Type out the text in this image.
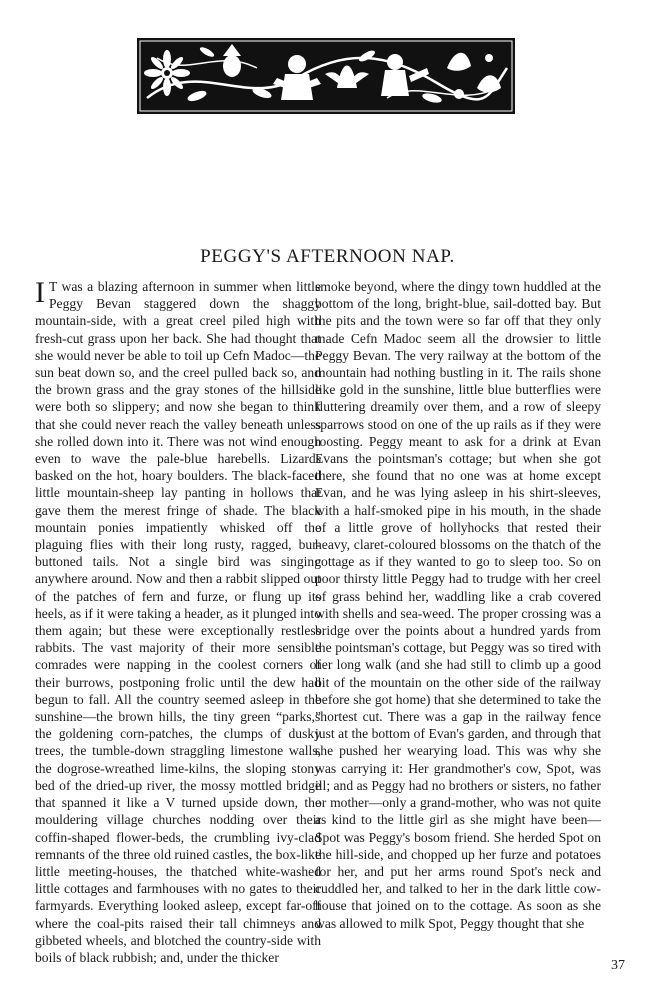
PEGGY'S AFTERNOON NAP.
I T was a blazing afternoon in summer when little Peggy Bevan staggered down the shaggy mountain-side, with a great creel piled high with fresh-cut grass upon her back. She had thought that she would never be able to toil up Cefn Madoc—the sun beat down so, and the creel pulled back so, and the brown grass and the gray stones of the hillside were both so slippery; and now she began to think that she could never reach the valley beneath unless she rolled down into it. There was not wind enough even to wave the pale-blue harebells. Lizards basked on the hot, hoary boulders. The black-faced little mountain-sheep lay panting in hollows that gave them the merest fringe of shade. The black mountain ponies impatiently whisked off the plaguing flies with their long rusty, ragged, bur-buttoned tails. Not a single bird was singing anywhere around. Now and then a rabbit slipped out of the patches of fern and furze, or flung up its heels, as if it were taking a header, as it plunged into them again; but these were exceptionally restless rabbits. The vast majority of their more sensible comrades were napping in the coolest corners of their burrows, postponing frolic until the dew had begun to fall. All the country seemed asleep in the sunshine—the brown hills, the tiny green “parks,” the goldening corn-patches, the clumps of dusky trees, the tumble-down straggling limestone walls, the dogrose-wreathed lime-kilns, the sloping stony bed of the dried-up river, the mossy mottled bridge that spanned it like a V turned upside down, the mouldering village churches nodding over their coffin-shaped flower-beds, the crumbling ivy-clad remnants of the three old ruined castles, the box-like little meeting-houses, the thatched white-washed little cottages and farmhouses with no gates to their farmyards. Everything looked asleep, except far-off where the coal-pits raised their tall chimneys and gibbeted wheels, and blotched the country-side with boils of black rubbish; and, under the thicker

smoke beyond, where the dingy town huddled at the bottom of the long, bright-blue, sail-dotted bay. But the pits and the town were so far off that they only made Cefn Madoc seem all the drowsier to little Peggy Bevan. The very railway at the bottom of the mountain had nothing bustling in it. The rails shone like gold in the sunshine, little blue butterflies were fluttering dreamily over them, and a row of sleepy sparrows stood on one of the up rails as if they were roosting. Peggy meant to ask for a drink at Evan Evans the pointsman's cottage; but when she got there, she found that no one was at home except Evan, and he was lying asleep in his shirt-sleeves, with a half-smoked pipe in his mouth, in the shade of a little grove of hollyhocks that rested their heavy, claret-coloured blossoms on the thatch of the cottage as if they wanted to go to sleep too. So on poor thirsty little Peggy had to trudge with her creel of grass behind her, waddling like a crab covered with shells and sea-weed. The proper crossing was a bridge over the points about a hundred yards from the pointsman's cottage, but Peggy was so tired with her long walk (and she had still to climb up a good bit of the mountain on the other side of the railway before she got home) that she determined to take the shortest cut. There was a gap in the railway fence just at the bottom of Evan's garden, and through that she pushed her wearying load. This was why she was carrying it: Her grandmother's cow, Spot, was ill; and as Peggy had no brothers or sisters, no father or mother—only a grand-mother, who was not quite as kind to the little girl as she might have been—Spot was Peggy's bosom friend. She herded Spot on the hill-side, and chopped up her furze and potatoes for her, and put her arms round Spot's neck and cuddled her, and talked to her in the dark little cow-house that joined on to the cottage. As soon as she was allowed to milk Spot, Peggy thought that she

37
